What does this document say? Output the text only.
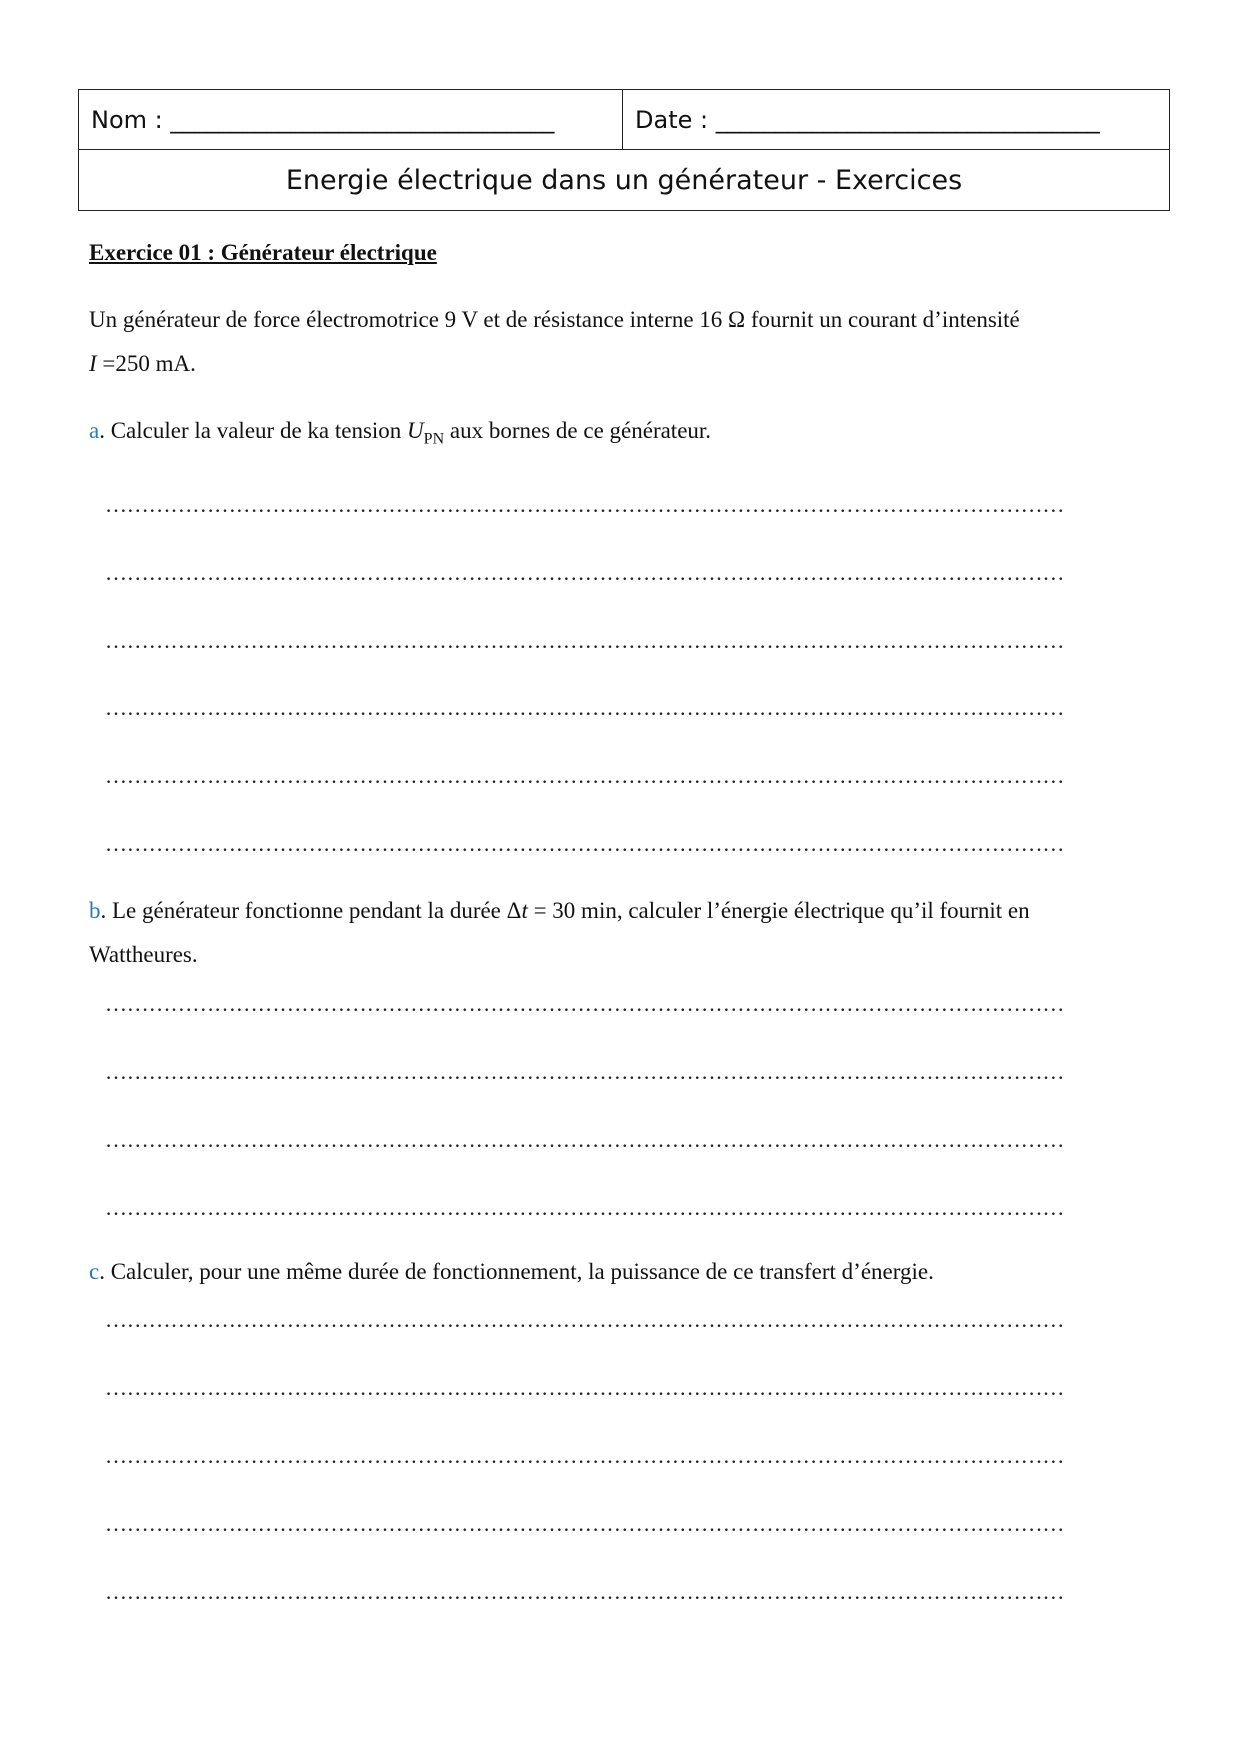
Nom : ________________________________	Date : ________________________________
Energie électrique dans un générateur - Exercices
Exercice 01 : Générateur électrique
Un générateur de force électromotrice 9 V et de résistance interne 16 Ω fournit un courant d’intensité
I =250 mA.
a. Calculer la valeur de ka tension $U_{PN}$ aux bornes de ce générateur.
……………………………………………………………………………………………………………………
……………………………………………………………………………………………………………………
……………………………………………………………………………………………………………………
……………………………………………………………………………………………………………………
……………………………………………………………………………………………………………………
……………………………………………………………………………………………………………………
b. Le générateur fonctionne pendant la durée Δt = 30 min, calculer l’énergie électrique qu’il fournit en
Wattheures.
……………………………………………………………………………………………………………………
……………………………………………………………………………………………………………………
……………………………………………………………………………………………………………………
……………………………………………………………………………………………………………………
c. Calculer, pour une même durée de fonctionnement, la puissance de ce transfert d’énergie.
……………………………………………………………………………………………………………………
……………………………………………………………………………………………………………………
……………………………………………………………………………………………………………………
……………………………………………………………………………………………………………………
……………………………………………………………………………………………………………………
